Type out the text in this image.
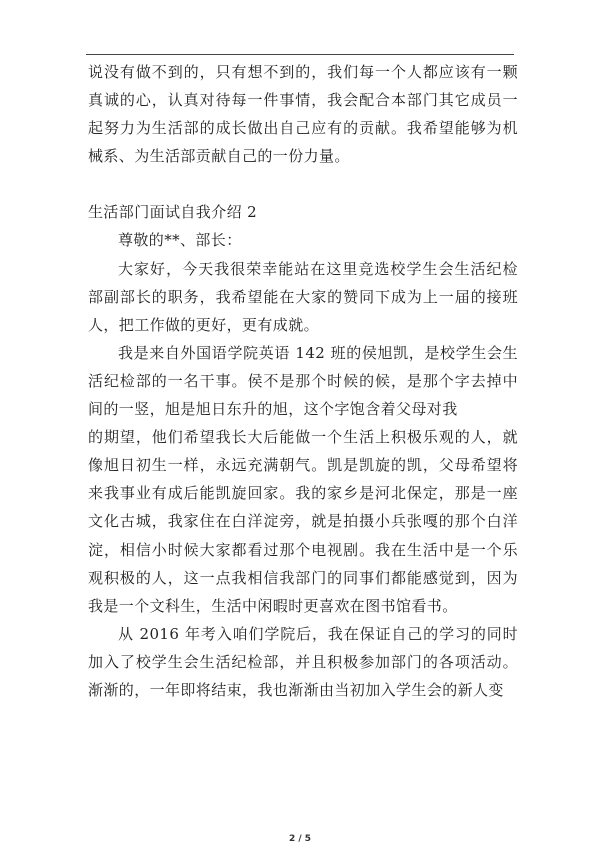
说没有做不到的，只有想不到的，我们每一个人都应该有一颗真诚的心，认真对待每一件事情，我会配合本部门其它成员一起努力为生活部的成长做出自己应有的贡献。我希望能够为机械系、为生活部贡献自己的一份力量。

生活部门面试自我介绍 2

尊敬的**、部长：

大家好，今天我很荣幸能站在这里竞选校学生会生活纪检部副部长的职务，我希望能在大家的赞同下成为上一届的接班人，把工作做的更好，更有成就。

我是来自外国语学院英语 142 班的侯旭凯，是校学生会生活纪检部的一名干事。侯不是那个时候的候，是那个字去掉中间的一竖，旭是旭日东升的旭，这个字饱含着父母对我

的期望，他们希望我长大后能做一个生活上积极乐观的人，就像旭日初生一样，永远充满朝气。凯是凯旋的凯，父母希望将来我事业有成后能凯旋回家。我的家乡是河北保定，那是一座文化古城，我家住在白洋淀旁，就是拍摄小兵张嘎的那个白洋淀，相信小时候大家都看过那个电视剧。我在生活中是一个乐观积极的人，这一点我相信我部门的同事们都能感觉到，因为我是一个文科生，生活中闲暇时更喜欢在图书馆看书。

从 2016 年考入咱们学院后，我在保证自己的学习的同时加入了校学生会生活纪检部，并且积极参加部门的各项活动。渐渐的，一年即将结束，我也渐渐由当初加入学生会的新人变

2 / 5
